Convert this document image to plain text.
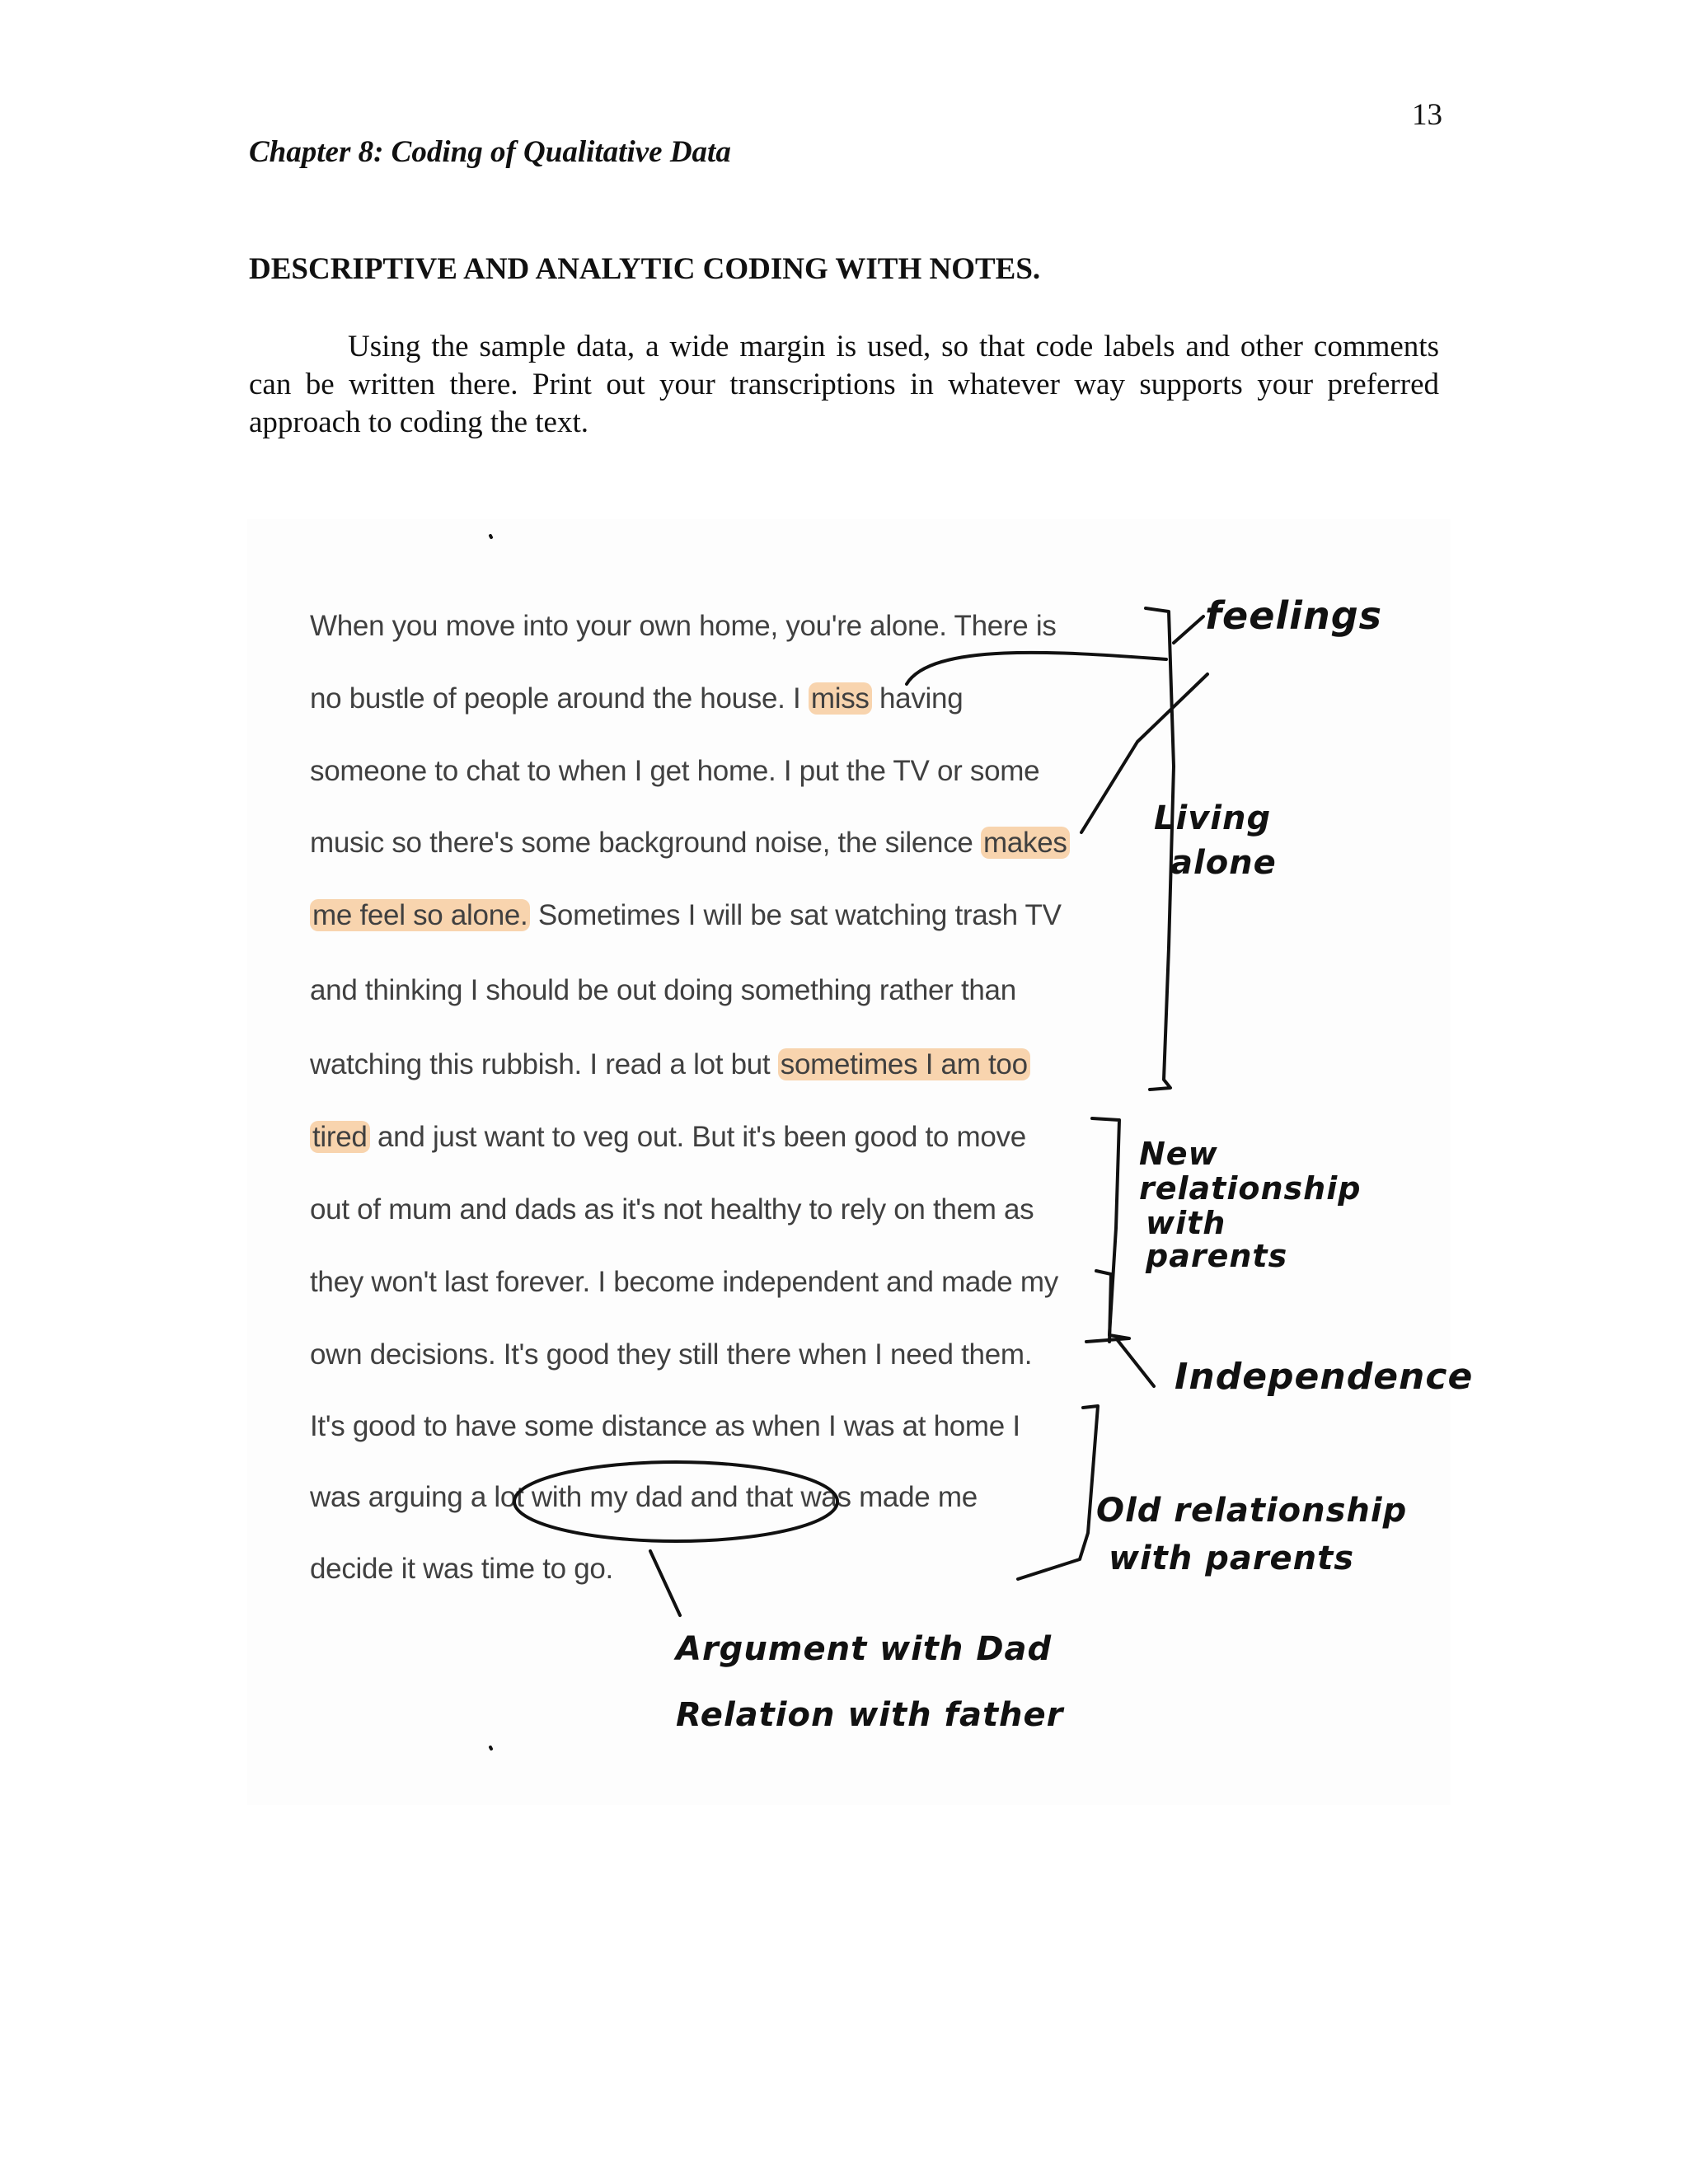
13
Chapter 8: Coding of Qualitative Data
DESCRIPTIVE AND ANALYTIC CODING WITH NOTES.

Using the sample data, a wide margin is used, so that code labels and other comments can be written there. Print out your transcriptions in whatever way supports your preferred approach to coding the text.

When you move into your own home, you're alone. There is
no bustle of people around the house. I miss having
someone to chat to when I get home. I put the TV or some
music so there's some background noise, the silence makes
me feel so alone. Sometimes I will be sat watching trash TV
and thinking I should be out doing something rather than
watching this rubbish. I read a lot but sometimes I am too
tired and just want to veg out. But it's been good to move
out of mum and dads as it's not healthy to rely on them as
they won't last forever. I become independent and made my
own decisions. It's good they still there when I need them.
It's good to have some distance as when I was at home I
was arguing a lot with my dad and that was made me
decide it was time to go.
feelings
Living
alone
New
relationship
with
parents
Independence
Old relationship
with parents
Argument with Dad
Relation with father
